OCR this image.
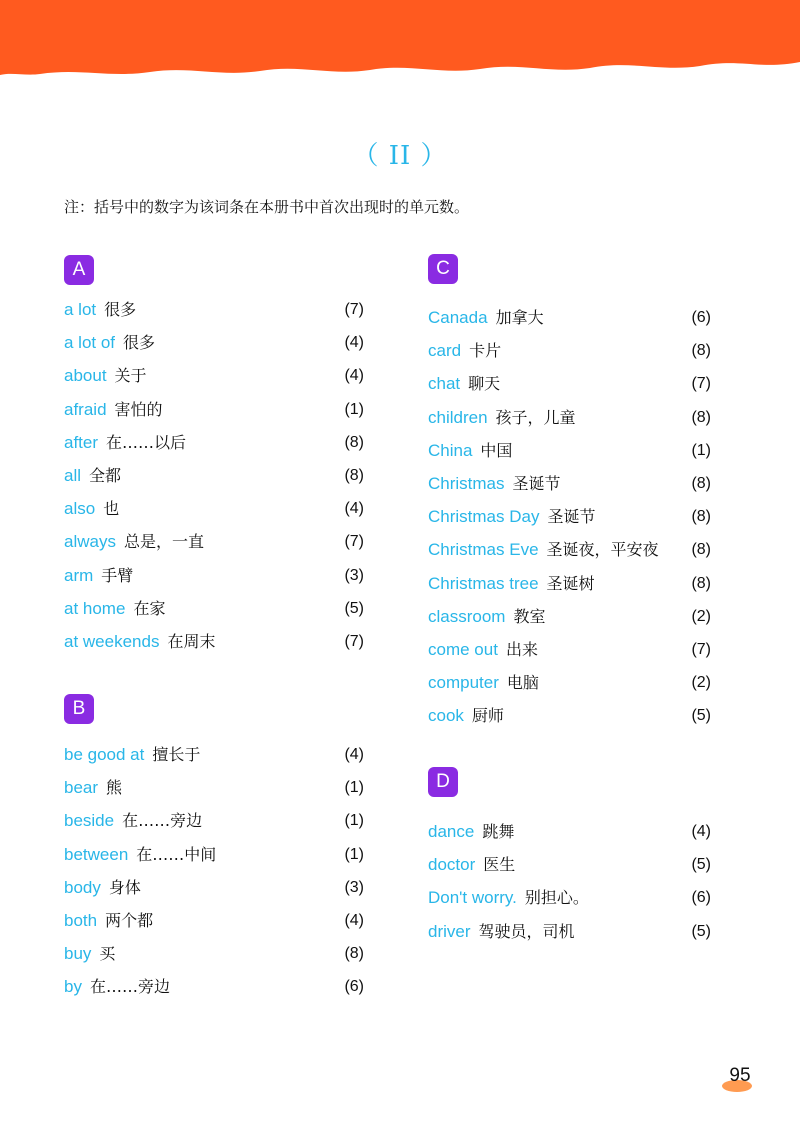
（ II ）
注：括号中的数字为该词条在本册书中首次出现时的单元数。
A
a lot 很多	(7)
a lot of 很多	(4)
about 关于	(4)
afraid 害怕的	(1)
after 在……以后	(8)
all 全都	(8)
also 也	(4)
always 总是，一直	(7)
arm 手臂	(3)
at home 在家	(5)
at weekends 在周末	(7)
B
be good at 擅长于	(4)
bear 熊	(1)
beside 在……旁边	(1)
between 在……中间	(1)
body 身体	(3)
both 两个都	(4)
buy 买	(8)
by 在……旁边	(6)
C
Canada 加拿大	(6)
card 卡片	(8)
chat 聊天	(7)
children 孩子，儿童	(8)
China 中国	(1)
Christmas 圣诞节	(8)
Christmas Day 圣诞节	(8)
Christmas Eve 圣诞夜，平安夜 (8)
Christmas tree 圣诞树	(8)
classroom 教室	(2)
come out 出来	(7)
computer 电脑	(2)
cook 厨师	(5)
D
dance 跳舞	(4)
doctor 医生	(5)
Don't worry. 别担心。	(6)
driver 驾驶员，司机	(5)
95
